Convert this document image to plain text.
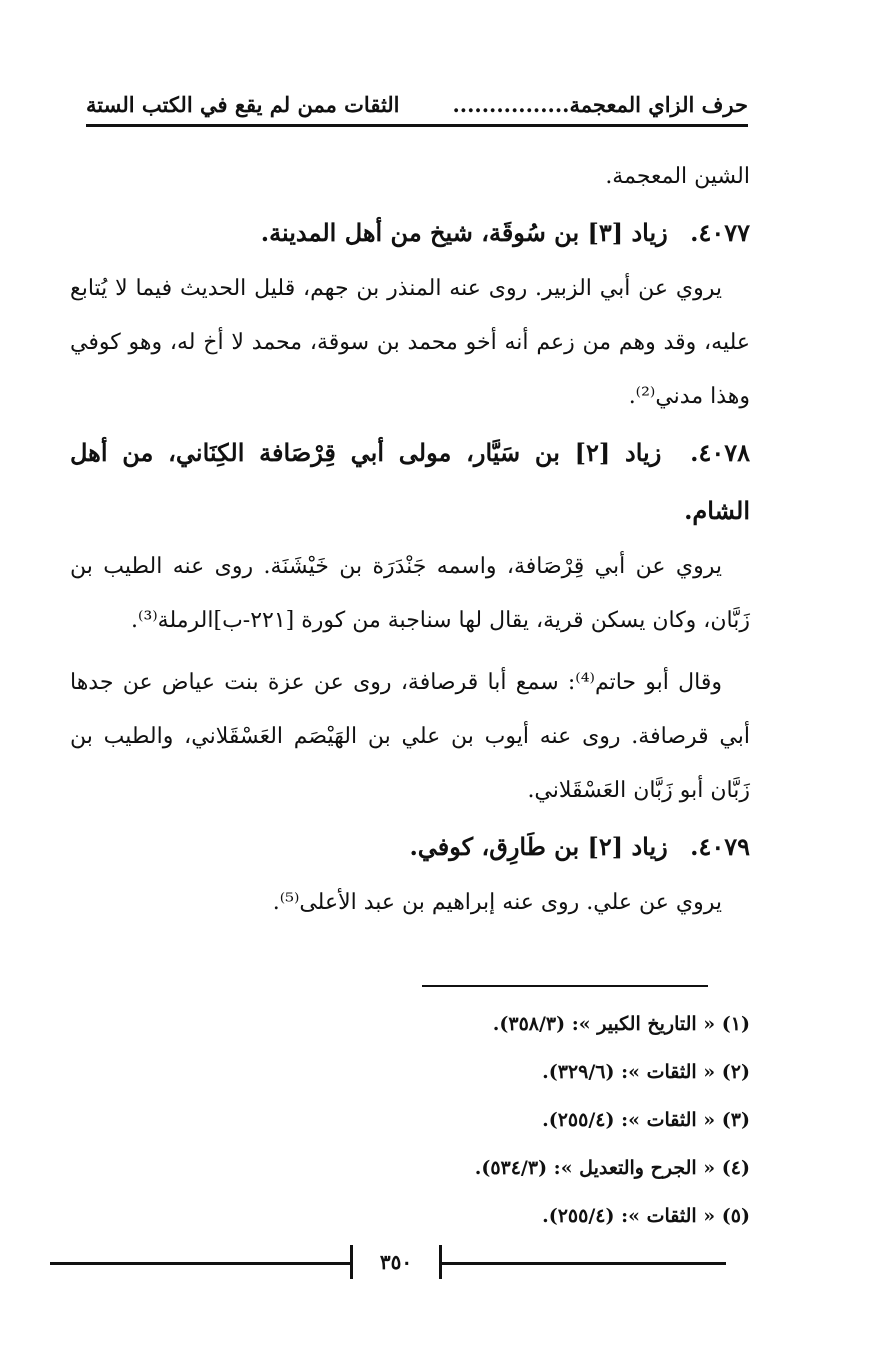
حرف الزاي المعجمة................
الثقات ممن لم يقع في الكتب الستة

الشين المعجمة.

٤٠٧٧. زياد [٣] بن سُوقَة، شيخ من أهل المدينة.

يروي عن أبي الزبير. روى عنه المنذر بن جهم، قليل الحديث فيما لا يُتابع عليه، وقد وهم من زعم أنه أخو محمد بن سوقة، محمد لا أخ له، وهو كوفي وهذا مدني⁽²⁾.

٤٠٧٨. زياد [٢] بن سَيَّار، مولى أبي قِرْصَافة الكِنَاني، من أهل الشام.

يروي عن أبي قِرْصَافة، واسمه جَنْدَرَة بن خَيْشَنَة. روى عنه الطيب بن زَبَّان، وكان يسكن قرية، يقال لها سناجبة من كورة [٢٢١-ب]الرملة⁽³⁾.

وقال أبو حاتم⁽⁴⁾: سمع أبا قرصافة، روى عن عزة بنت عياض عن جدها أبي قرصافة. روى عنه أيوب بن علي بن الهَيْصَم العَسْقَلاني، والطيب بن زَبَّان أبو زَبَّان العَسْقَلاني.

٤٠٧٩. زياد [٢] بن طَارِق، كوفي.

يروي عن علي. روى عنه إبراهيم بن عبد الأعلى⁽⁵⁾.

(١) « التاريخ الكبير »: (٣٥٨/٣).
(٢) « الثقات »: (٣٢٩/٦).
(٣) « الثقات »: (٢٥٥/٤).
(٤) « الجرح والتعديل »: (٥٣٤/٣).
(٥) « الثقات »: (٢٥٥/٤).
٣٥٠
